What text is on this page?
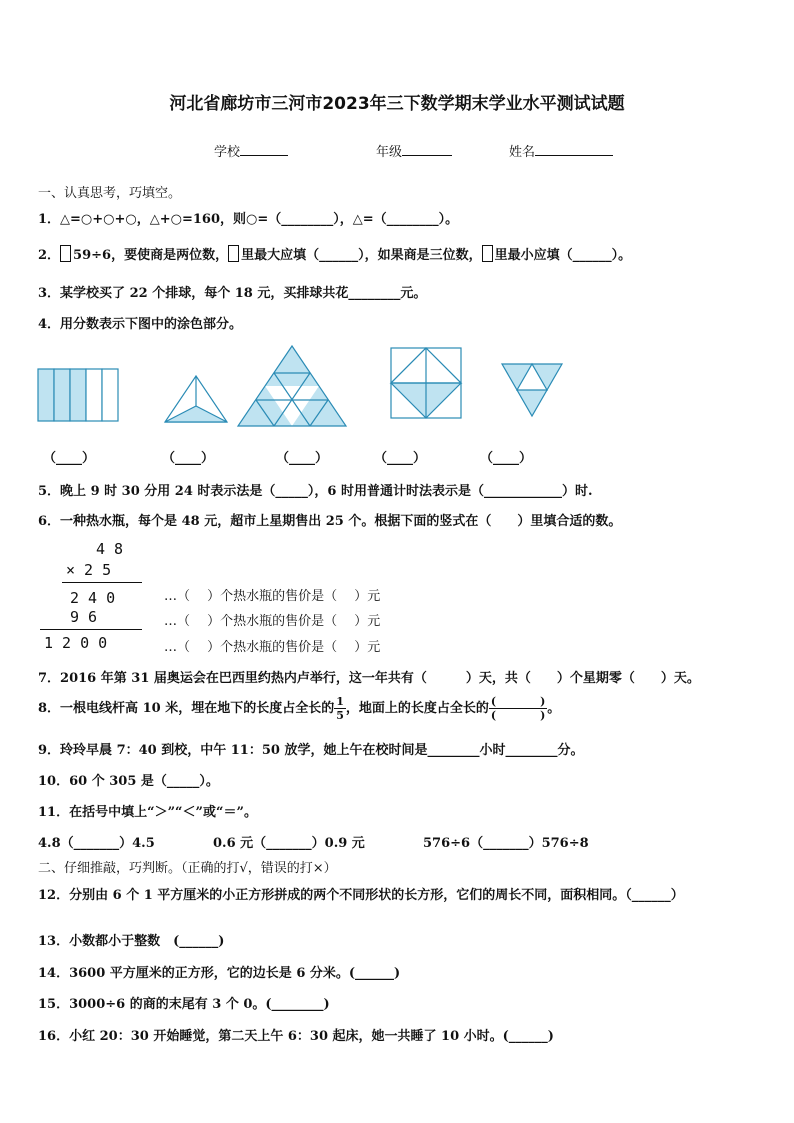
河北省廊坊市三河市2023年三下数学期末学业水平测试试题
学校	年级	姓名
一、认真思考，巧填空。
1．△=○+○+○，△+○=160，则○=（________），△=（________）。
2． 59÷6，要使商是两位数， 里最大应填（______），如果商是三位数， 里最小应填（______）。
3．某学校买了 22 个排球，每个 18 元，买排球共花________元。
4．用分数表示下图中的涂色部分。
（____）	（____）	（____）	（____）	（____）
5．晚上 9 时 30 分用 24 时表示法是（_____），6 时用普通计时法表示是（____________）时.
6．一种热水瓶，每个是 48 元，超市上星期售出 25 个。根据下面的竖式在（　　）里填合适的数。
4 8
× 2 5
2 4 0
9 6
1 2 0 0
…（　 ）个热水瓶的售价是（　 ）元
…（　 ）个热水瓶的售价是（　 ）元
…（　 ）个热水瓶的售价是（　 ）元
7．2016 年第 31 届奥运会在巴西里约热内卢举行，这一年共有（　　　）天，共（　　）个星期零（　　）天。
8．一根电线杆高 10 米，埋在地下的长度占全长的 $\frac{1}{5}$ ，地面上的长度占全长的 $\frac{( )}{( )}$ 。
9．玲玲早晨 7：40 到校，中午 11：50 放学，她上午在校时间是________小时________分。
10．60 个 305 是（_____）。
11．在括号中填上“＞”“＜”或“＝”。
4.8（_______）4.5	0.6 元（_______）0.9 元	576÷6（_______）576÷8
二、仔细推敲，巧判断。（正确的打√，错误的打×）
12．分别由 6 个 1 平方厘米的小正方形拼成的两个不同形状的长方形，它们的周长不同，面积相同。（______）
13．小数都小于整数　(______)
14．3600 平方厘米的正方形，它的边长是 6 分米。(______)
15．3000÷6 的商的末尾有 3 个 0。(________)
16．小红 20：30 开始睡觉，第二天上午 6：30 起床，她一共睡了 10 小时。(______)
